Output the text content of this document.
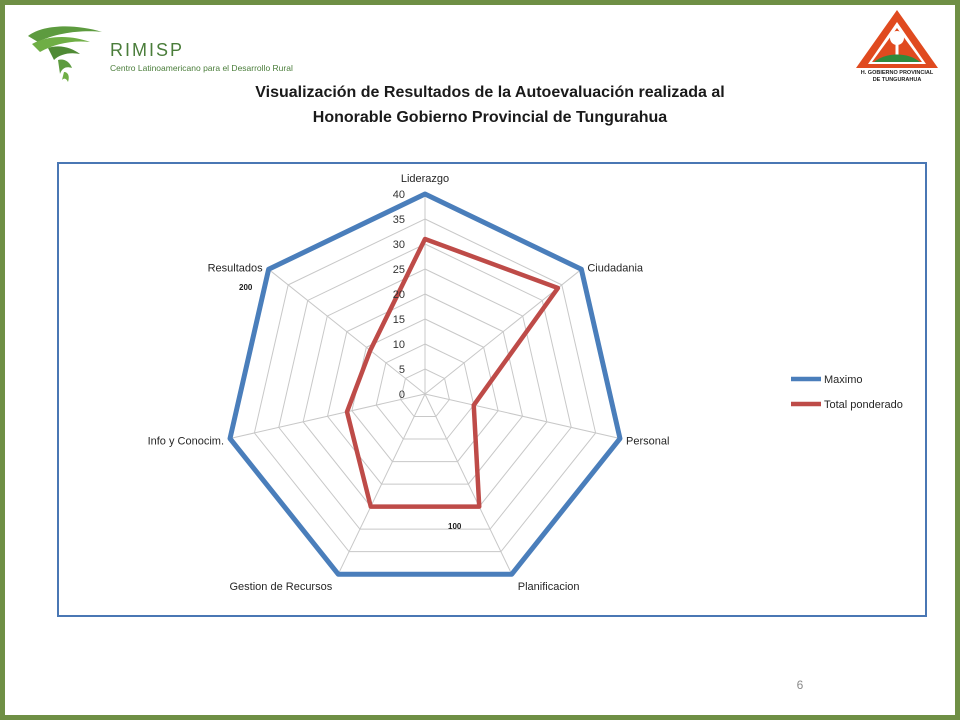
RIMISP
Centro Latinoamericano para el Desarrollo Rural	H. GOBIERNO PROVINCIAL
DE TUNGURAHUA
Visualización de Resultados de la Autoevaluación realizada al
Honorable Gobierno Provincial de Tungurahua
0
5
10
15
20
25
30
35
40
Liderazgo
Ciudadania
Personal
Planificacion
Gestion de Recursos
Info y Conocim.
Resultados
200
100
Maximo
Total ponderado
6
